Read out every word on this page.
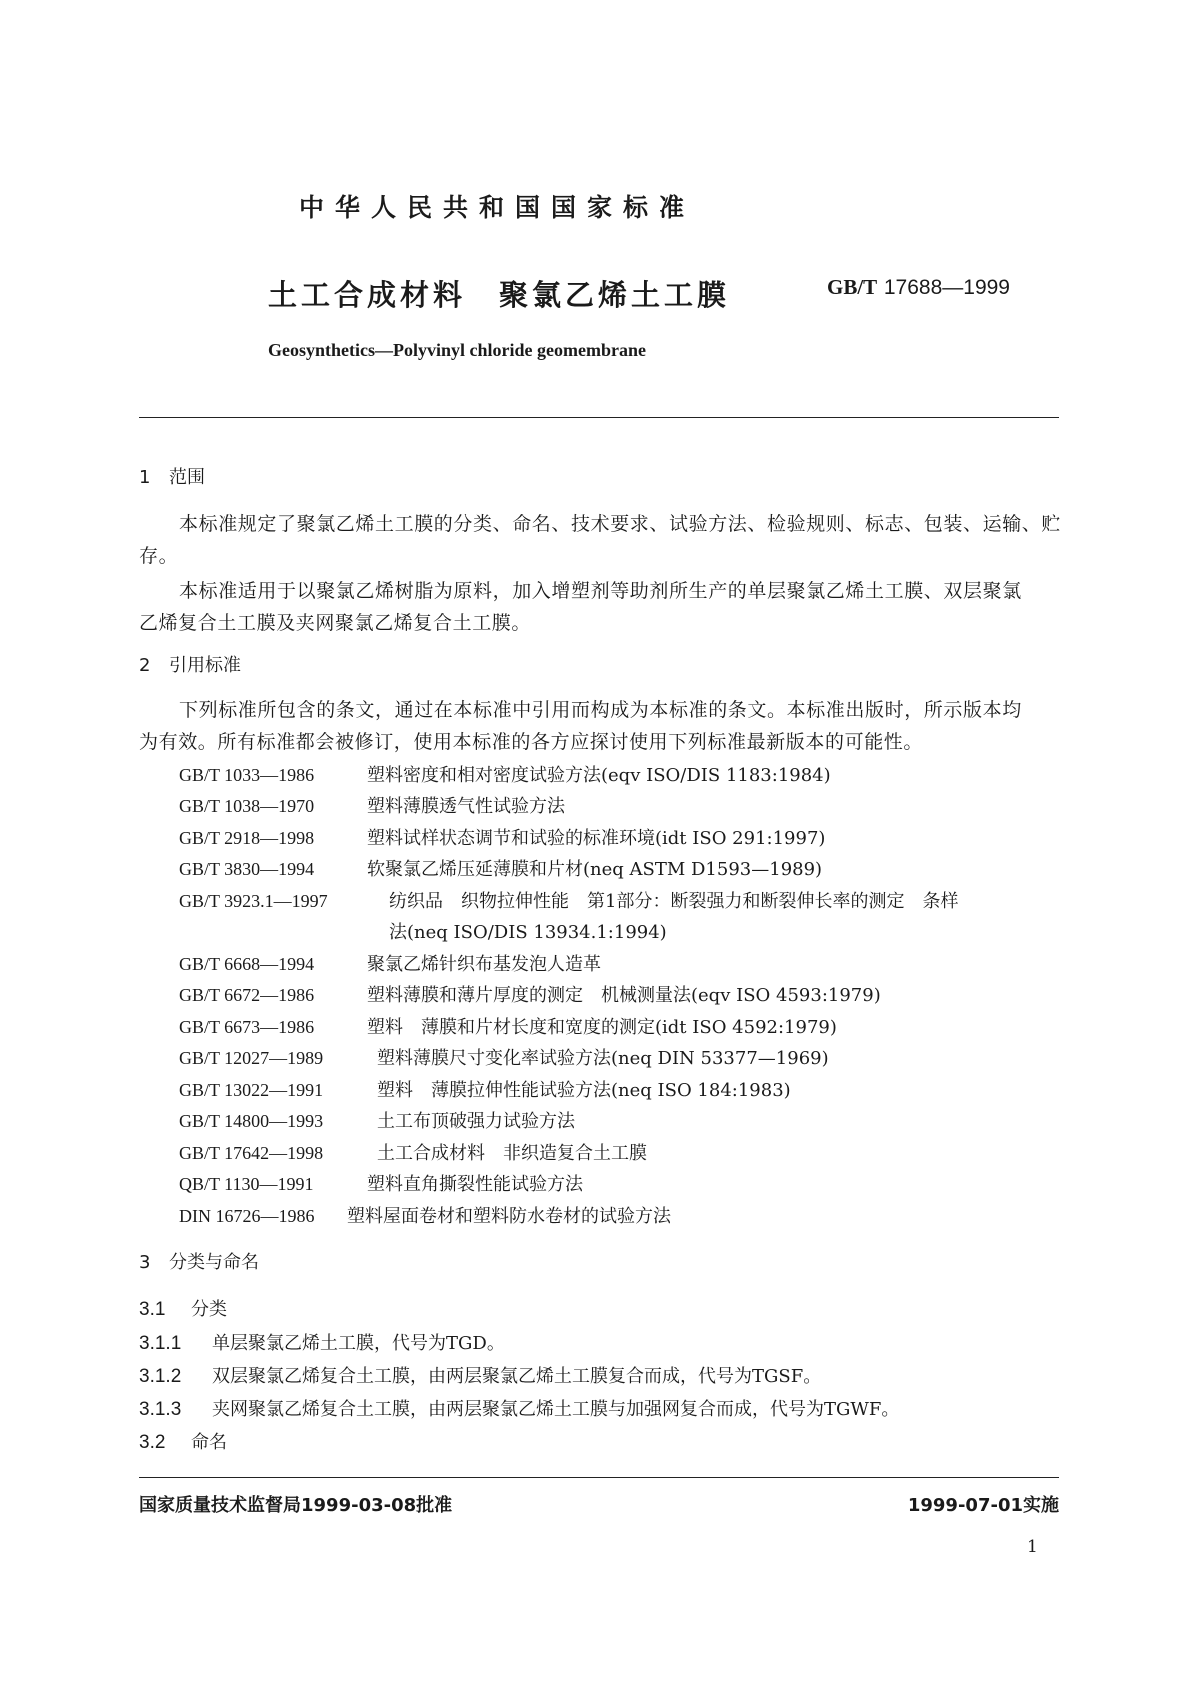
中华人民共和国国家标准
土工合成材料　聚氯乙烯土工膜	GB/T 17688—1999
Geosynthetics—Polyvinyl chloride geomembrane
1 范围
本标准规定了聚氯乙烯土工膜的分类、命名、技术要求、试验方法、检验规则、标志、包装、运输、贮
存。
本标准适用于以聚氯乙烯树脂为原料，加入增塑剂等助剂所生产的单层聚氯乙烯土工膜、双层聚氯
乙烯复合土工膜及夹网聚氯乙烯复合土工膜。
2 引用标准
下列标准所包含的条文，通过在本标准中引用而构成为本标准的条文。本标准出版时，所示版本均
为有效。所有标准都会被修订，使用本标准的各方应探讨使用下列标准最新版本的可能性。
GB/T 1033—1986	塑料密度和相对密度试验方法(eqv ISO/DIS 1183:1984)
GB/T 1038—1970	塑料薄膜透气性试验方法
GB/T 2918—1998	塑料试样状态调节和试验的标准环境(idt ISO 291:1997)
GB/T 3830—1994	软聚氯乙烯压延薄膜和片材(neq ASTM D1593—1989)
GB/T 3923.1—1997	纺织品　织物拉伸性能　第1部分：断裂强力和断裂伸长率的测定　条样
法(neq ISO/DIS 13934.1:1994)
GB/T 6668—1994	聚氯乙烯针织布基发泡人造革
GB/T 6672—1986	塑料薄膜和薄片厚度的测定　机械测量法(eqv ISO 4593:1979)
GB/T 6673—1986	塑料　薄膜和片材长度和宽度的测定(idt ISO 4592:1979)
GB/T 12027—1989	塑料薄膜尺寸变化率试验方法(neq DIN 53377—1969)
GB/T 13022—1991	塑料　薄膜拉伸性能试验方法(neq ISO 184:1983)
GB/T 14800—1993	土工布顶破强力试验方法
GB/T 17642—1998	土工合成材料　非织造复合土工膜
QB/T 1130—1991	塑料直角撕裂性能试验方法
DIN 16726—1986 塑料屋面卷材和塑料防水卷材的试验方法
3 分类与命名
3.1 分类
3.1.1 单层聚氯乙烯土工膜，代号为TGD。
3.1.2 双层聚氯乙烯复合土工膜，由两层聚氯乙烯土工膜复合而成，代号为TGSF。
3.1.3 夹网聚氯乙烯复合土工膜，由两层聚氯乙烯土工膜与加强网复合而成，代号为TGWF。
3.2 命名
国家质量技术监督局1999-03-08批准	1999-07-01实施
1
